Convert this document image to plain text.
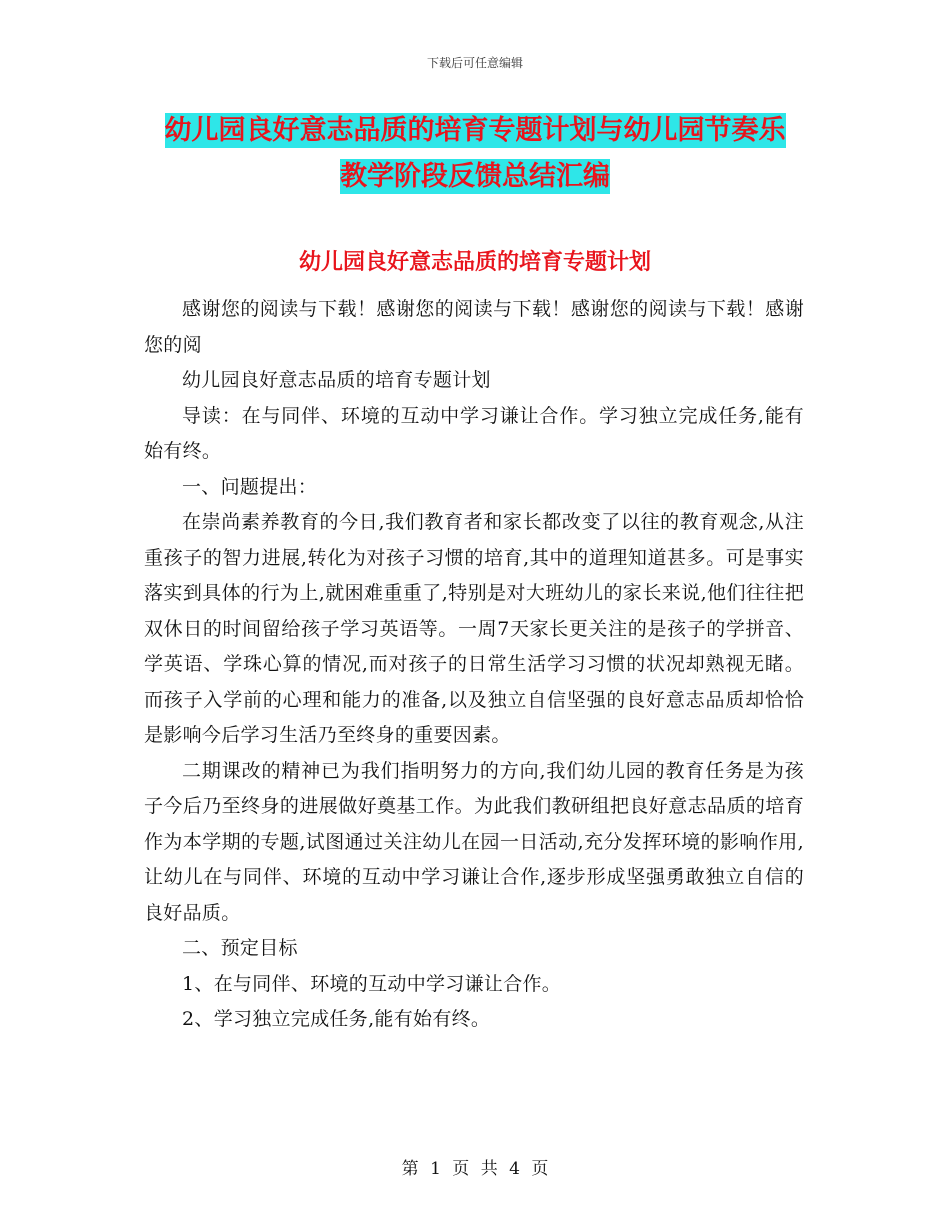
下载后可任意编辑
幼儿园良好意志品质的培育专题计划与幼儿园节奏乐
教学阶段反馈总结汇编
幼儿园良好意志品质的培育专题计划

感谢您的阅读与下载！感谢您的阅读与下载！感谢您的阅读与下载！感谢您的阅

幼儿园良好意志品质的培育专题计划

导读：在与同伴、环境的互动中学习谦让合作。学习独立完成任务,能有始有终。

一、问题提出：

在崇尚素养教育的今日,我们教育者和家长都改变了以往的教育观念,从注重孩子的智力进展,转化为对孩子习惯的培育,其中的道理知道甚多。可是事实落实到具体的行为上,就困难重重了,特别是对大班幼儿的家长来说,他们往往把双休日的时间留给孩子学习英语等。一周7天家长更关注的是孩子的学拼音、学英语、学珠心算的情况,而对孩子的日常生活学习习惯的状况却熟视无睹。而孩子入学前的心理和能力的准备,以及独立自信坚强的良好意志品质却恰恰是影响今后学习生活乃至终身的重要因素。

二期课改的精神已为我们指明努力的方向,我们幼儿园的教育任务是为孩子今后乃至终身的进展做好奠基工作。为此我们教研组把良好意志品质的培育作为本学期的专题,试图通过关注幼儿在园一日活动,充分发挥环境的影响作用,让幼儿在与同伴、环境的互动中学习谦让合作,逐步形成坚强勇敢独立自信的良好品质。

二、预定目标

1、在与同伴、环境的互动中学习谦让合作。

2、学习独立完成任务,能有始有终。

第 1 页 共 4 页
